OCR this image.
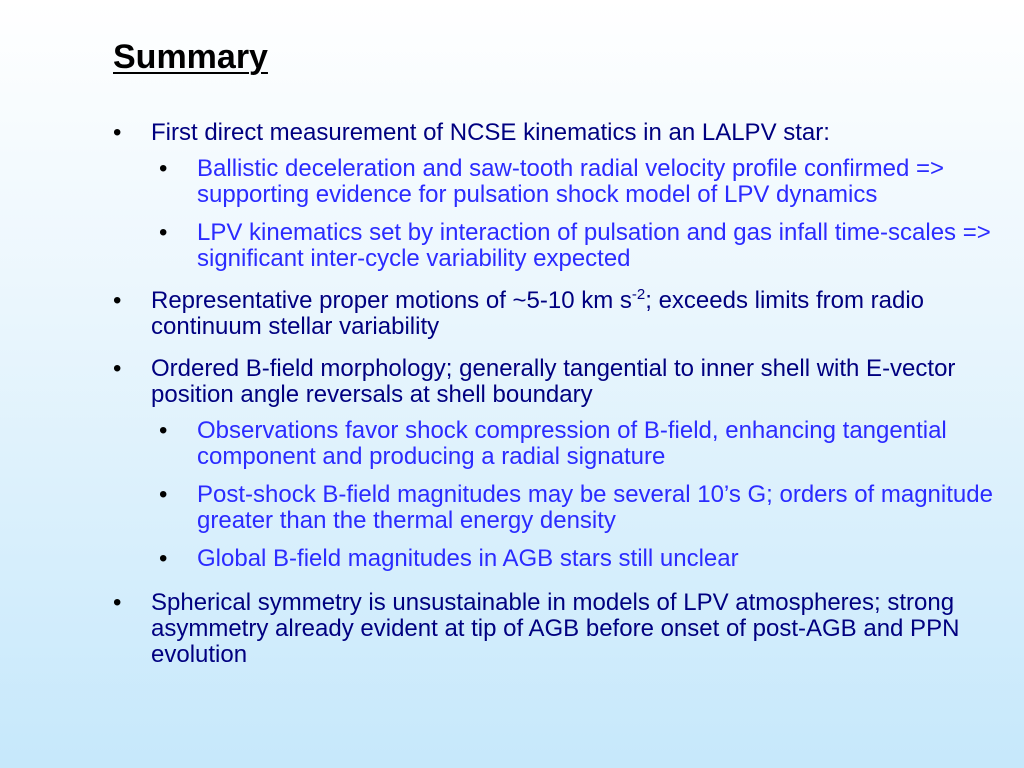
Summary
•	First direct measurement of NCSE kinematics in an LALPV star:
•	Ballistic deceleration and saw-tooth radial velocity profile confirmed => supporting evidence for pulsation shock model of LPV dynamics
•	LPV kinematics set by interaction of pulsation and gas infall time-scales => significant inter-cycle variability expected
•	Representative proper motions of ~5-10 km $s^{-2}$; exceeds limits from radio continuum stellar variability
•	Ordered B-field morphology; generally tangential to inner shell with E-vector position angle reversals at shell boundary
•	Observations favor shock compression of B-field, enhancing tangential component and producing a radial signature
•	Post-shock B-field magnitudes may be several 10’s G; orders of magnitude greater than the thermal energy density
•	Global B-field magnitudes in AGB stars still unclear
•	Spherical symmetry is unsustainable in models of LPV atmospheres; strong asymmetry already evident at tip of AGB before onset of post-AGB and PPN evolution
